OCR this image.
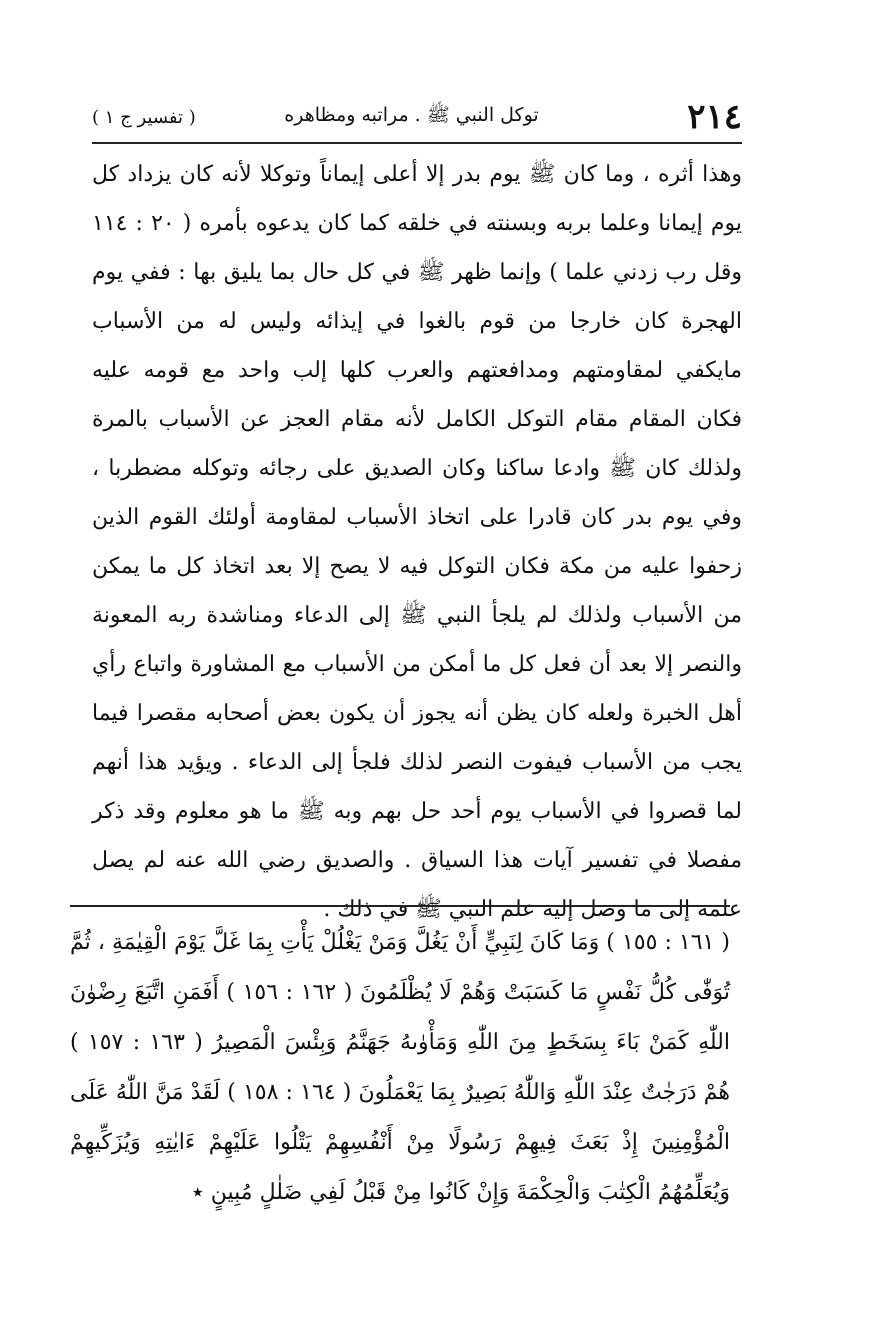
٢١٤
توكل النبي ﷺ . مراتبه ومظاهره
( تفسير ج ١ )

وهذا أثره ، وما كان ﷺ يوم بدر إلا أعلى إيماناً وتوكلا لأنه كان يزداد كل يوم إيمانا وعلما بربه وبسنته في خلقه كما كان يدعوه بأمره ( ٢٠ : ١١٤ وقل رب زدني علما ) وإنما ظهر ﷺ في كل حال بما يليق بها : ففي يوم الهجرة كان خارجا من قوم بالغوا في إيذائه وليس له من الأسباب مايكفي لمقاومتهم ومدافعتهم والعرب كلها إلب واحد مع قومه عليه فكان المقام مقام التوكل الكامل لأنه مقام العجز عن الأسباب بالمرة ولذلك كان ﷺ وادعا ساكنا وكان الصديق على رجائه وتوكله مضطربا ، وفي يوم بدر كان قادرا على اتخاذ الأسباب لمقاومة أولئك القوم الذين زحفوا عليه من مكة فكان التوكل فيه لا يصح إلا بعد اتخاذ كل ما يمكن من الأسباب ولذلك لم يلجأ النبي ﷺ إلى الدعاء ومناشدة ربه المعونة والنصر إلا بعد أن فعل كل ما أمكن من الأسباب مع المشاورة واتباع رأي أهل الخبرة ولعله كان يظن أنه يجوز أن يكون بعض أصحابه مقصرا فيما يجب من الأسباب فيفوت النصر لذلك فلجأ إلى الدعاء . ويؤيد هذا أنهم لما قصروا في الأسباب يوم أحد حل بهم وبه ﷺ ما هو معلوم وقد ذكر مفصلا في تفسير آيات هذا السياق . والصديق رضي الله عنه لم يصل علمه إلى ما وصل إليه علم النبي ﷺ في ذلك .

( ١٦١ : ١٥٥ ) وَمَا كَانَ لِنَبِيٍّ أَنْ يَغُلَّ وَمَنْ يَغْلُلْ يَأْتِ بِمَا غَلَّ يَوْمَ الْقِيٰمَةِ ، ثُمَّ تُوَفّٰى كُلُّ نَفْسٍ مَا كَسَبَتْ وَهُمْ لَا يُظْلَمُونَ ( ١٦٢ : ١٥٦ ) أَفَمَنِ اتَّبَعَ رِضْوٰنَ اللّٰهِ كَمَنْ بَاءَ بِسَخَطٍ مِنَ اللّٰهِ وَمَأْوٰىهُ جَهَنَّمُ وَبِئْسَ الْمَصِيرُ ( ١٦٣ : ١٥٧ ) هُمْ دَرَجٰتٌ عِنْدَ اللّٰهِ وَاللّٰهُ بَصِيرٌ بِمَا يَعْمَلُونَ ( ١٦٤ : ١٥٨ ) لَقَدْ مَنَّ اللّٰهُ عَلَى الْمُؤْمِنِينَ إِذْ بَعَثَ فِيهِمْ رَسُولًا مِنْ أَنْفُسِهِمْ يَتْلُوا عَلَيْهِمْ ءَايٰتِهِ وَيُزَكِّيهِمْ وَيُعَلِّمُهُمُ الْكِتٰبَ وَالْحِكْمَةَ وَإِنْ كَانُوا مِنْ قَبْلُ لَفِي ضَلٰلٍ مُبِينٍ ٭
